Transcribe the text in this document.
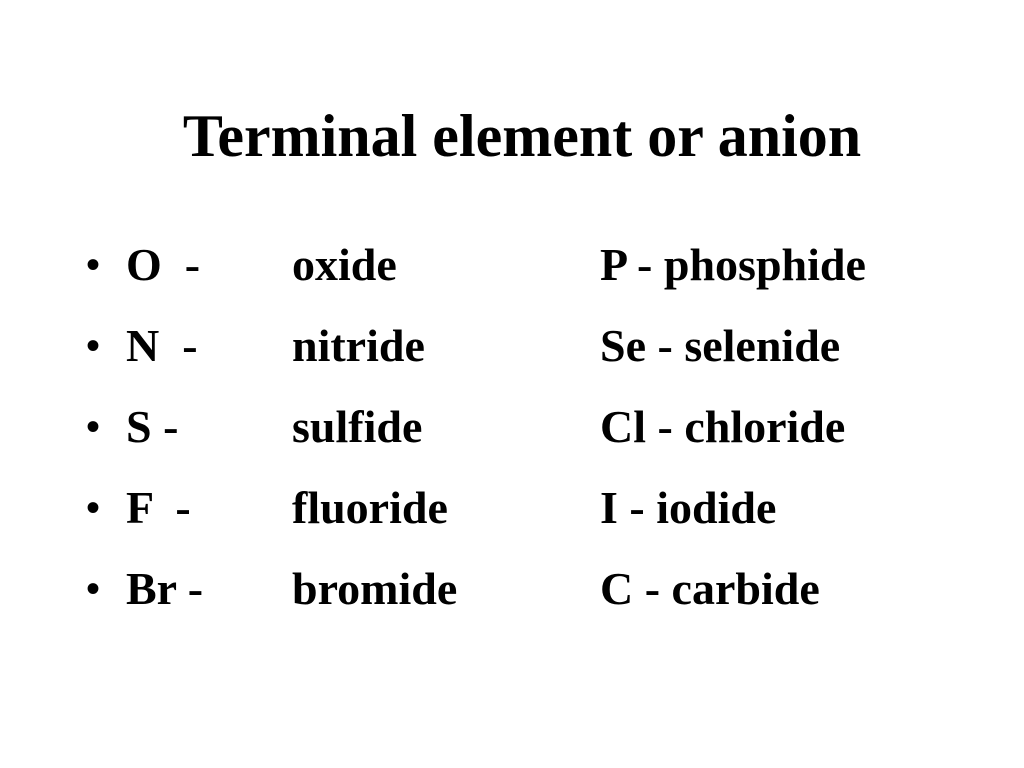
Terminal element or anion
• O  - oxide	P - phosphide
• N  - nitride	Se - selenide
• S - sulfide	Cl - chloride
• F  - fluoride	I - iodide
• Br - bromide	C - carbide
